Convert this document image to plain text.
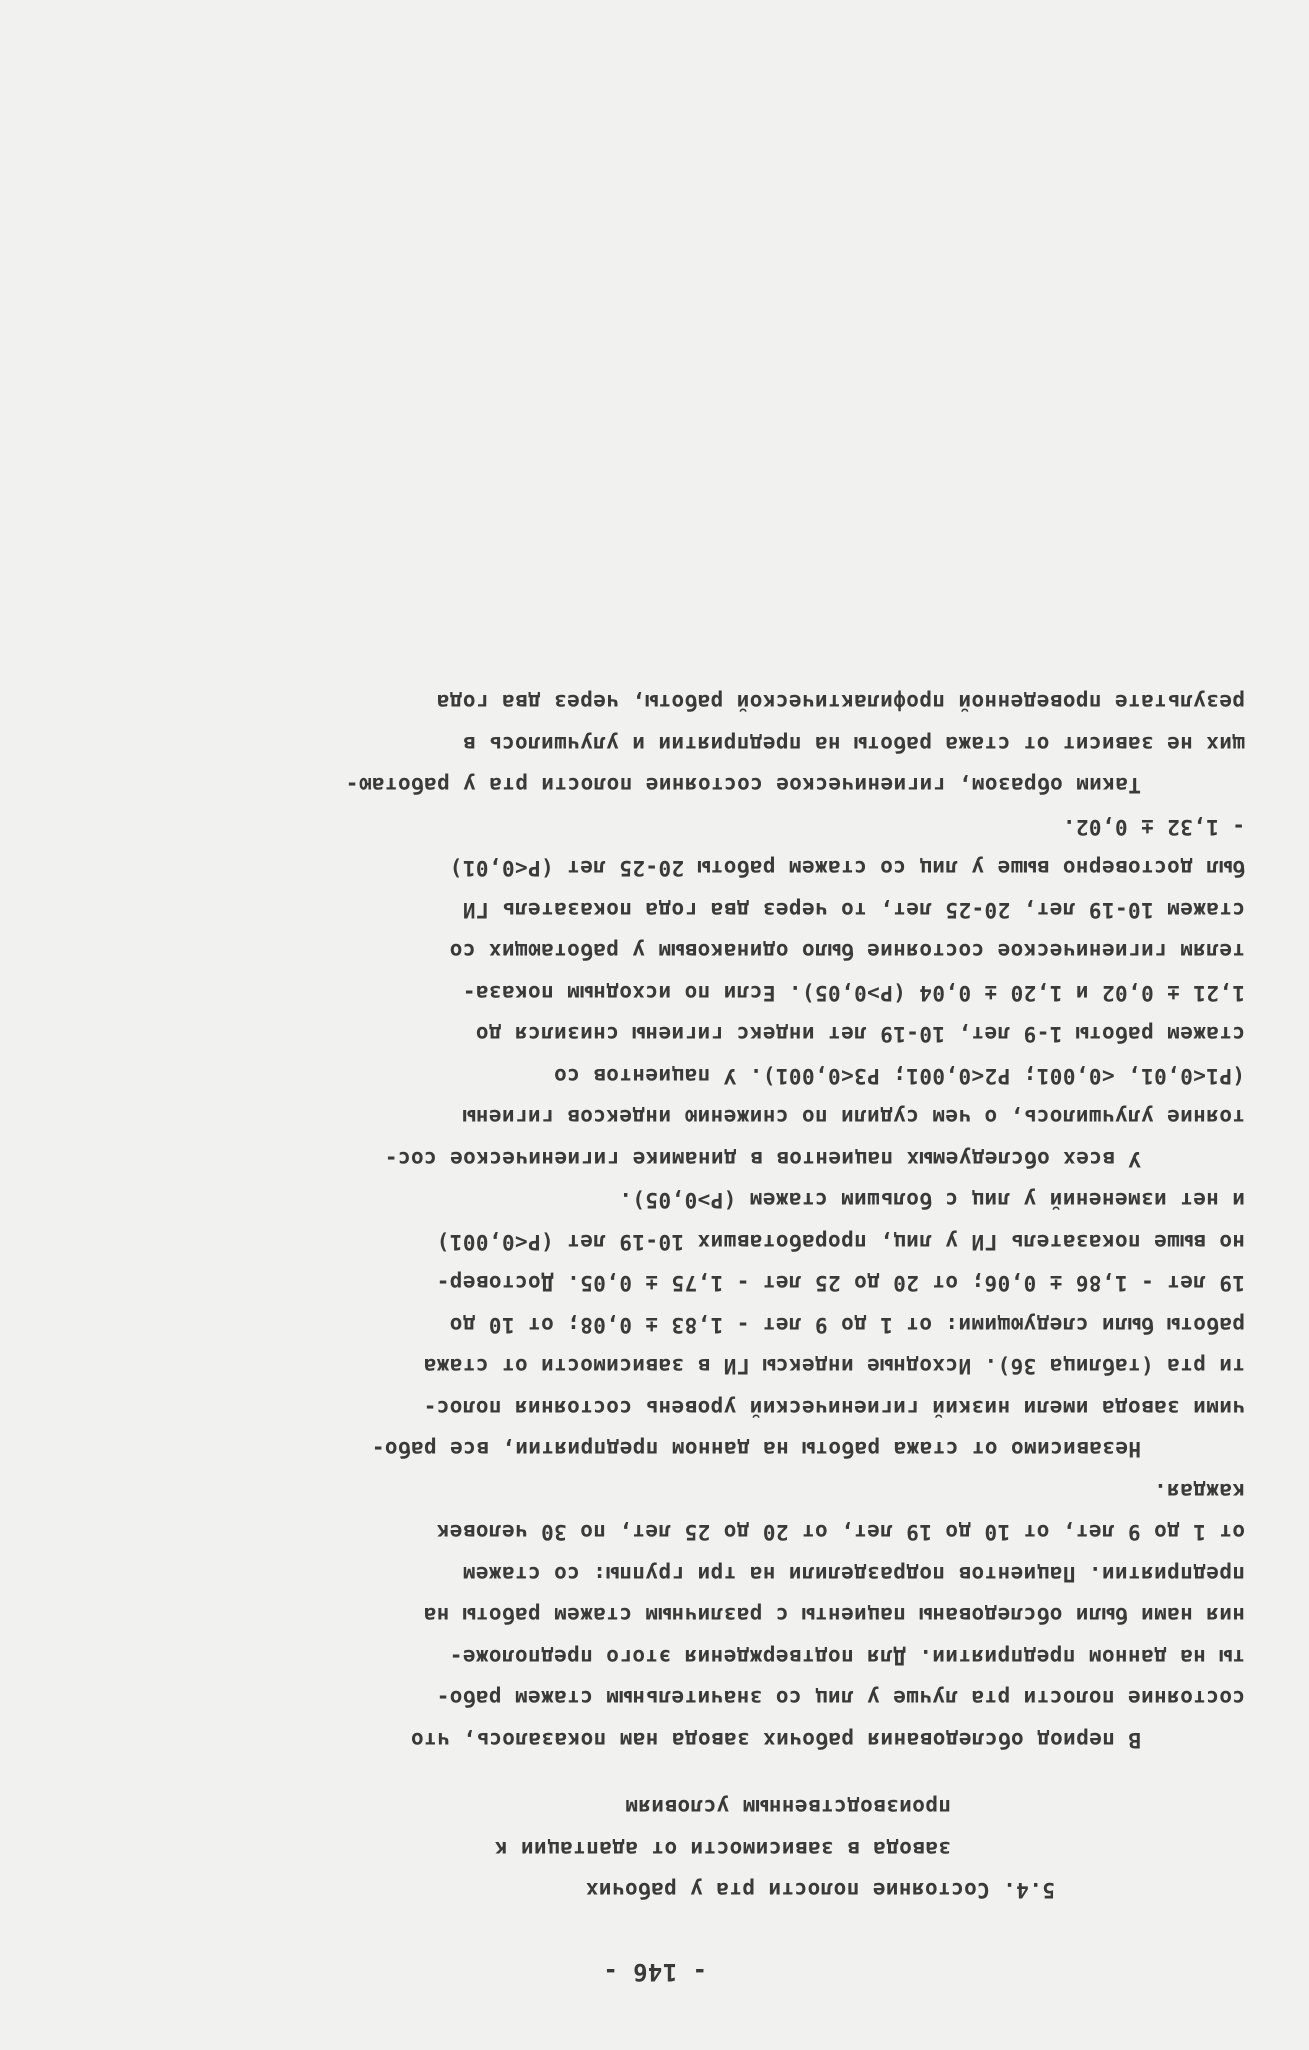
- 146 -
5.4. Состояние полости рта у рабочих
завода в зависимости от адаптации к
производственным условиям
В период обследования рабочих завода нам показалось, что
состояние полости рта лучше у лиц со значительным стажем рабо-
ты на данном предприятии. Для подтверждения этого предположе-
ния нами были обследованы пациенты с различным стажем работы на
предприятии. Пациентов подразделили на три группы: со стажем
от 1 до 9 лет, от 10 до 19 лет, от 20 до 25 лет, по 30 человек
каждая.
Независимо от стажа работы на данном предприятии, все рабо-
чими завода имели низкий гигиенический уровень состояния полос-
ти рта (таблица 36). Исходные индексы ГИ в зависимости от стажа
работы были следующими: от 1 до 9 лет - 1,83 ± 0,08; от 10 до
19 лет - 1,86 ± 0,06; от 20 до 25 лет - 1,75 ± 0,05. Достовер-
но выше показатель ГИ у лиц, проработавших 10-19 лет (P<0,001)
и нет изменений у лиц с большим стажем (P>0,05).
У всех обследуемых пациентов в динамике гигиеническое сос-
тояние улучшилось, о чем судили по снижению индексов гигиены
(P1<0,01, <0,001; P2<0,001; P3<0,001). У пациентов со
стажем работы 1-9 лет, 10-19 лет индекс гигиены снизился до
1,21 ± 0,02 и 1,20 ± 0,04 (P>0,05). Если по исходным показа-
телям гигиеническое состояние было одинаковым у работающих со
стажем 10-19 лет, 20-25 лет, то через два года показатель ГИ
был достоверно выше у лиц со стажем работы 20-25 лет (P<0,01)
- 1,32 ± 0,02.
Таким образом, гигиеническое состояние полости рта у работаю-
щих не зависит от стажа работы на предприятии и улучшилось в
результате проведенной профилактической работы, через два года
